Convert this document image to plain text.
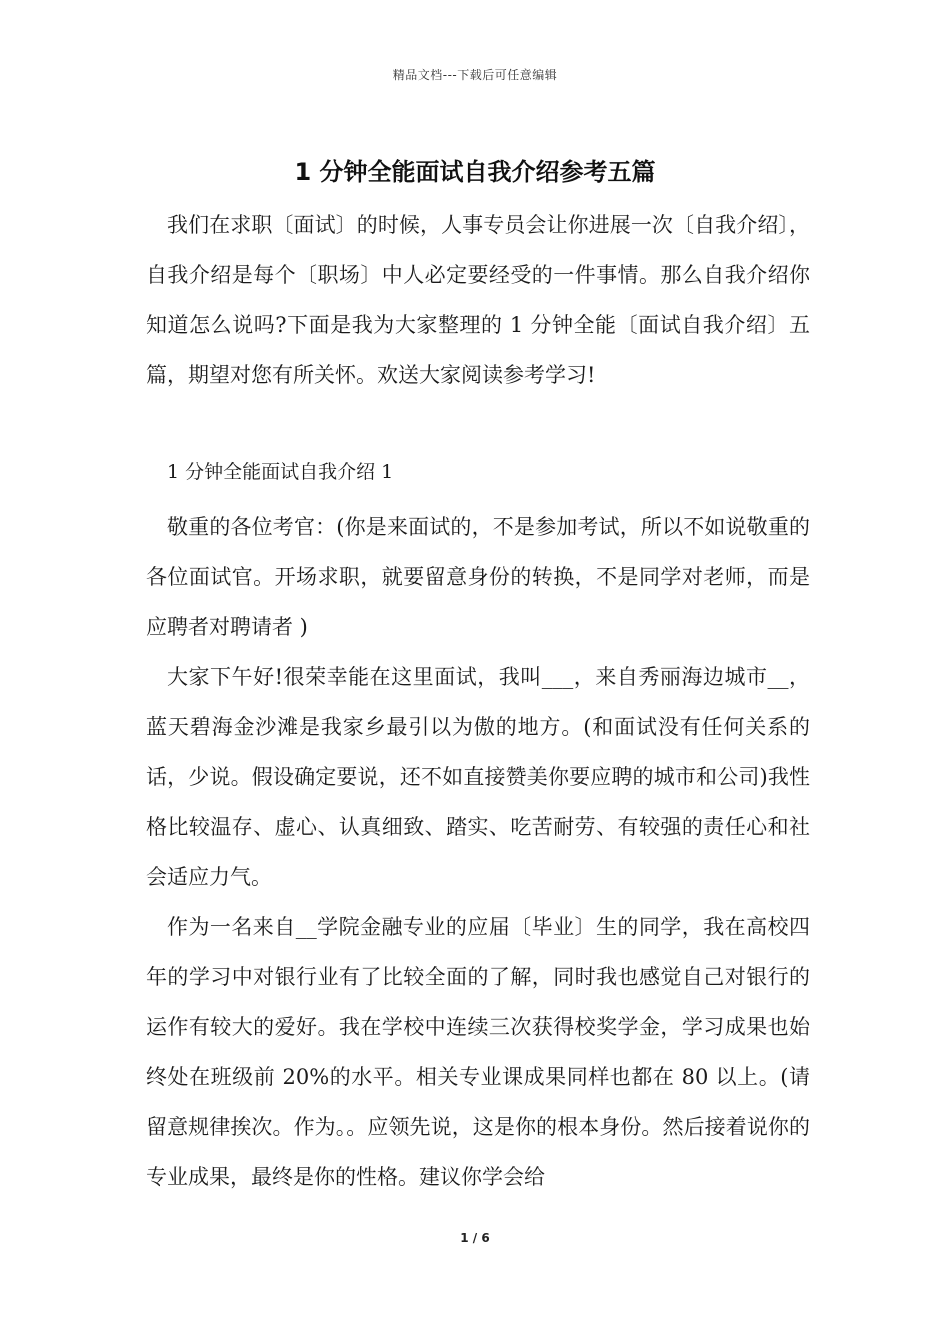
精品文档---下载后可任意编辑
1 分钟全能面试自我介绍参考五篇

我们在求职〔面试〕的时候，人事专员会让你进展一次〔自我介绍〕，自我介绍是每个〔职场〕中人必定要经受的一件事情。那么自我介绍你知道怎么说吗?下面是我为大家整理的 1 分钟全能〔面试自我介绍〕五篇，期望对您有所关怀。欢送大家阅读参考学习!

1 分钟全能面试自我介绍 1

敬重的各位考官：(你是来面试的，不是参加考试，所以不如说敬重的各位面试官。开场求职，就要留意身份的转换，不是同学对老师，而是应聘者对聘请者 )

大家下午好!很荣幸能在这里面试，我叫___，来自秀丽海边城市__，蓝天碧海金沙滩是我家乡最引以为傲的地方。(和面试没有任何关系的话，少说。假设确定要说，还不如直接赞美你要应聘的城市和公司)我性格比较温存、虚心、认真细致、踏实、吃苦耐劳、有较强的责任心和社会适应力气。

作为一名来自__学院金融专业的应届〔毕业〕生的同学，我在高校四年的学习中对银行业有了比较全面的了解，同时我也感觉自己对银行的运作有较大的爱好。我在学校中连续三次获得校奖学金，学习成果也始终处在班级前 20%的水平。相关专业课成果同样也都在 80 以上。(请留意规律挨次。作为。。应领先说，这是你的根本身份。然后接着说你的专业成果，最终是你的性格。建议你学会给

1 / 6
